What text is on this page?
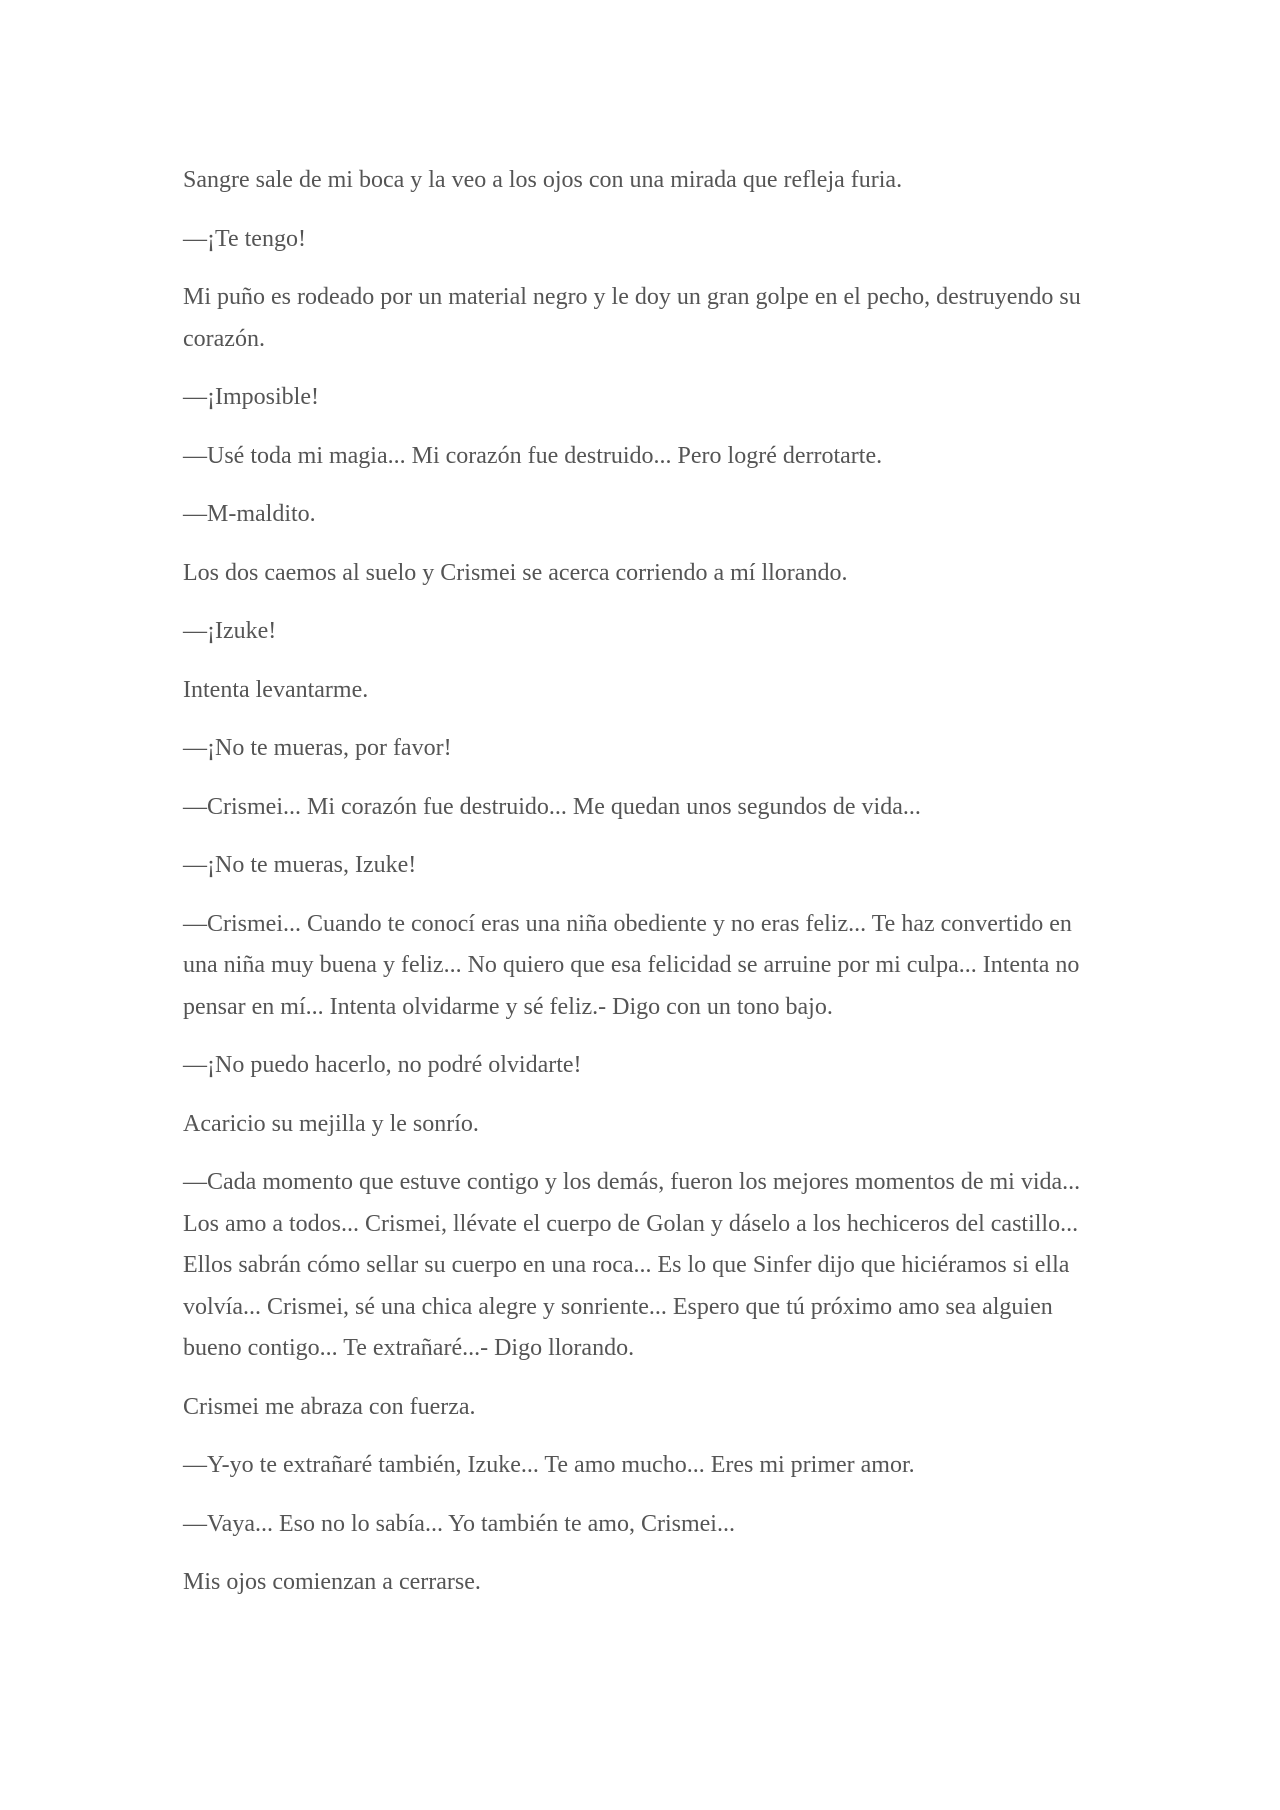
Sangre sale de mi boca y la veo a los ojos con una mirada que refleja furia.

—¡Te tengo!

Mi puño es rodeado por un material negro y le doy un gran golpe en el pecho, destruyendo su corazón.

—¡Imposible!

—Usé toda mi magia... Mi corazón fue destruido... Pero logré derrotarte.

—M-maldito.

Los dos caemos al suelo y Crismei se acerca corriendo a mí llorando.

—¡Izuke!

Intenta levantarme.

—¡No te mueras, por favor!

—Crismei... Mi corazón fue destruido... Me quedan unos segundos de vida...

—¡No te mueras, Izuke!

—Crismei... Cuando te conocí eras una niña obediente y no eras feliz... Te haz convertido en una niña muy buena y feliz... No quiero que esa felicidad se arruine por mi culpa... Intenta no pensar en mí... Intenta olvidarme y sé feliz.- Digo con un tono bajo.

—¡No puedo hacerlo, no podré olvidarte!

Acaricio su mejilla y le sonrío.

—Cada momento que estuve contigo y los demás, fueron los mejores momentos de mi vida... Los amo a todos... Crismei, llévate el cuerpo de Golan y dáselo a los hechiceros del castillo... Ellos sabrán cómo sellar su cuerpo en una roca... Es lo que Sinfer dijo que hiciéramos si ella volvía... Crismei, sé una chica alegre y sonriente... Espero que tú próximo amo sea alguien bueno contigo... Te extrañaré...- Digo llorando.

Crismei me abraza con fuerza.

—Y-yo te extrañaré también, Izuke... Te amo mucho... Eres mi primer amor.

—Vaya... Eso no lo sabía... Yo también te amo, Crismei...

Mis ojos comienzan a cerrarse.
